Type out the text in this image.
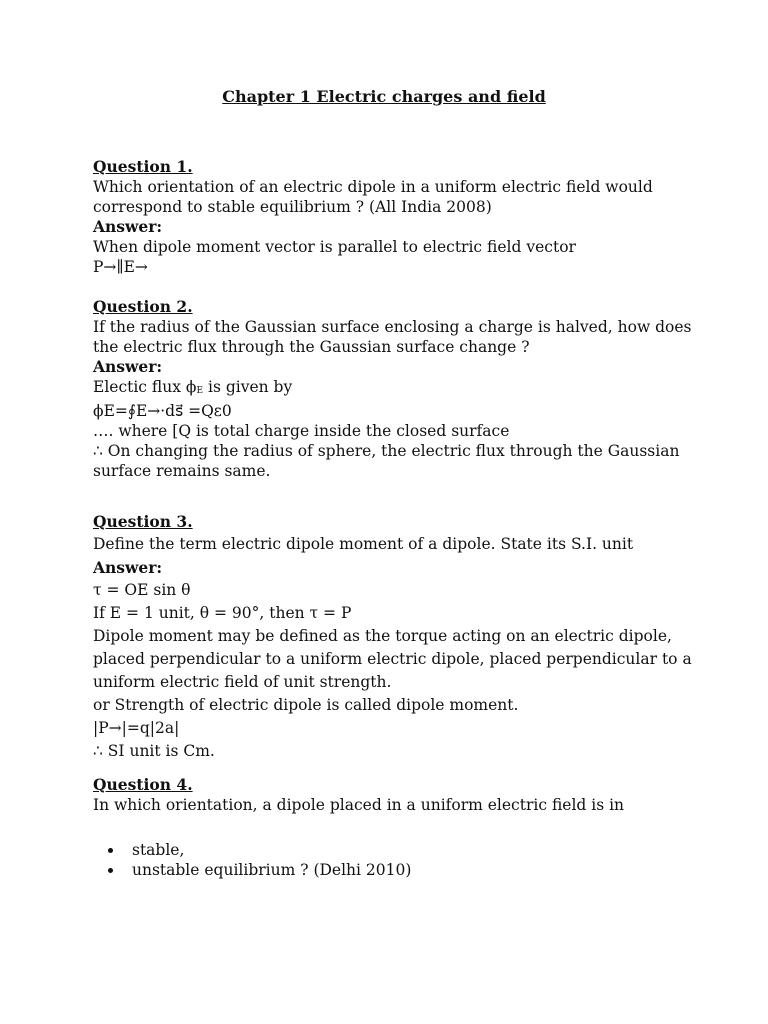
Chapter 1 Electric charges and field
Question 1.
Which orientation of an electric dipole in a uniform electric field would
correspond to stable equilibrium ? (All India 2008)
Answer:
When dipole moment vector is parallel to electric field vector
P→∥E→
Question 2.
If the radius of the Gaussian surface enclosing a charge is halved, how does
the electric flux through the Gaussian surface change ?
Answer:
Electic flux ϕE is given by
ϕE=∮E→·ds⃗ =Qε0
…. where [Q is total charge inside the closed surface
∴ On changing the radius of sphere, the electric flux through the Gaussian
surface remains same.
Question 3.
Define the term electric dipole moment of a dipole. State its S.I. unit
Answer:
τ = OE sin θ
If E = 1 unit, θ = 90°, then τ = P
Dipole moment may be defined as the torque acting on an electric dipole,
placed perpendicular to a uniform electric dipole, placed perpendicular to a
uniform electric field of unit strength.
or Strength of electric dipole is called dipole moment.
|P→|=q|2a|
∴ SI unit is Cm.
Question 4.
In which orientation, a dipole placed in a uniform electric field is in
stable,
unstable equilibrium ? (Delhi 2010)
